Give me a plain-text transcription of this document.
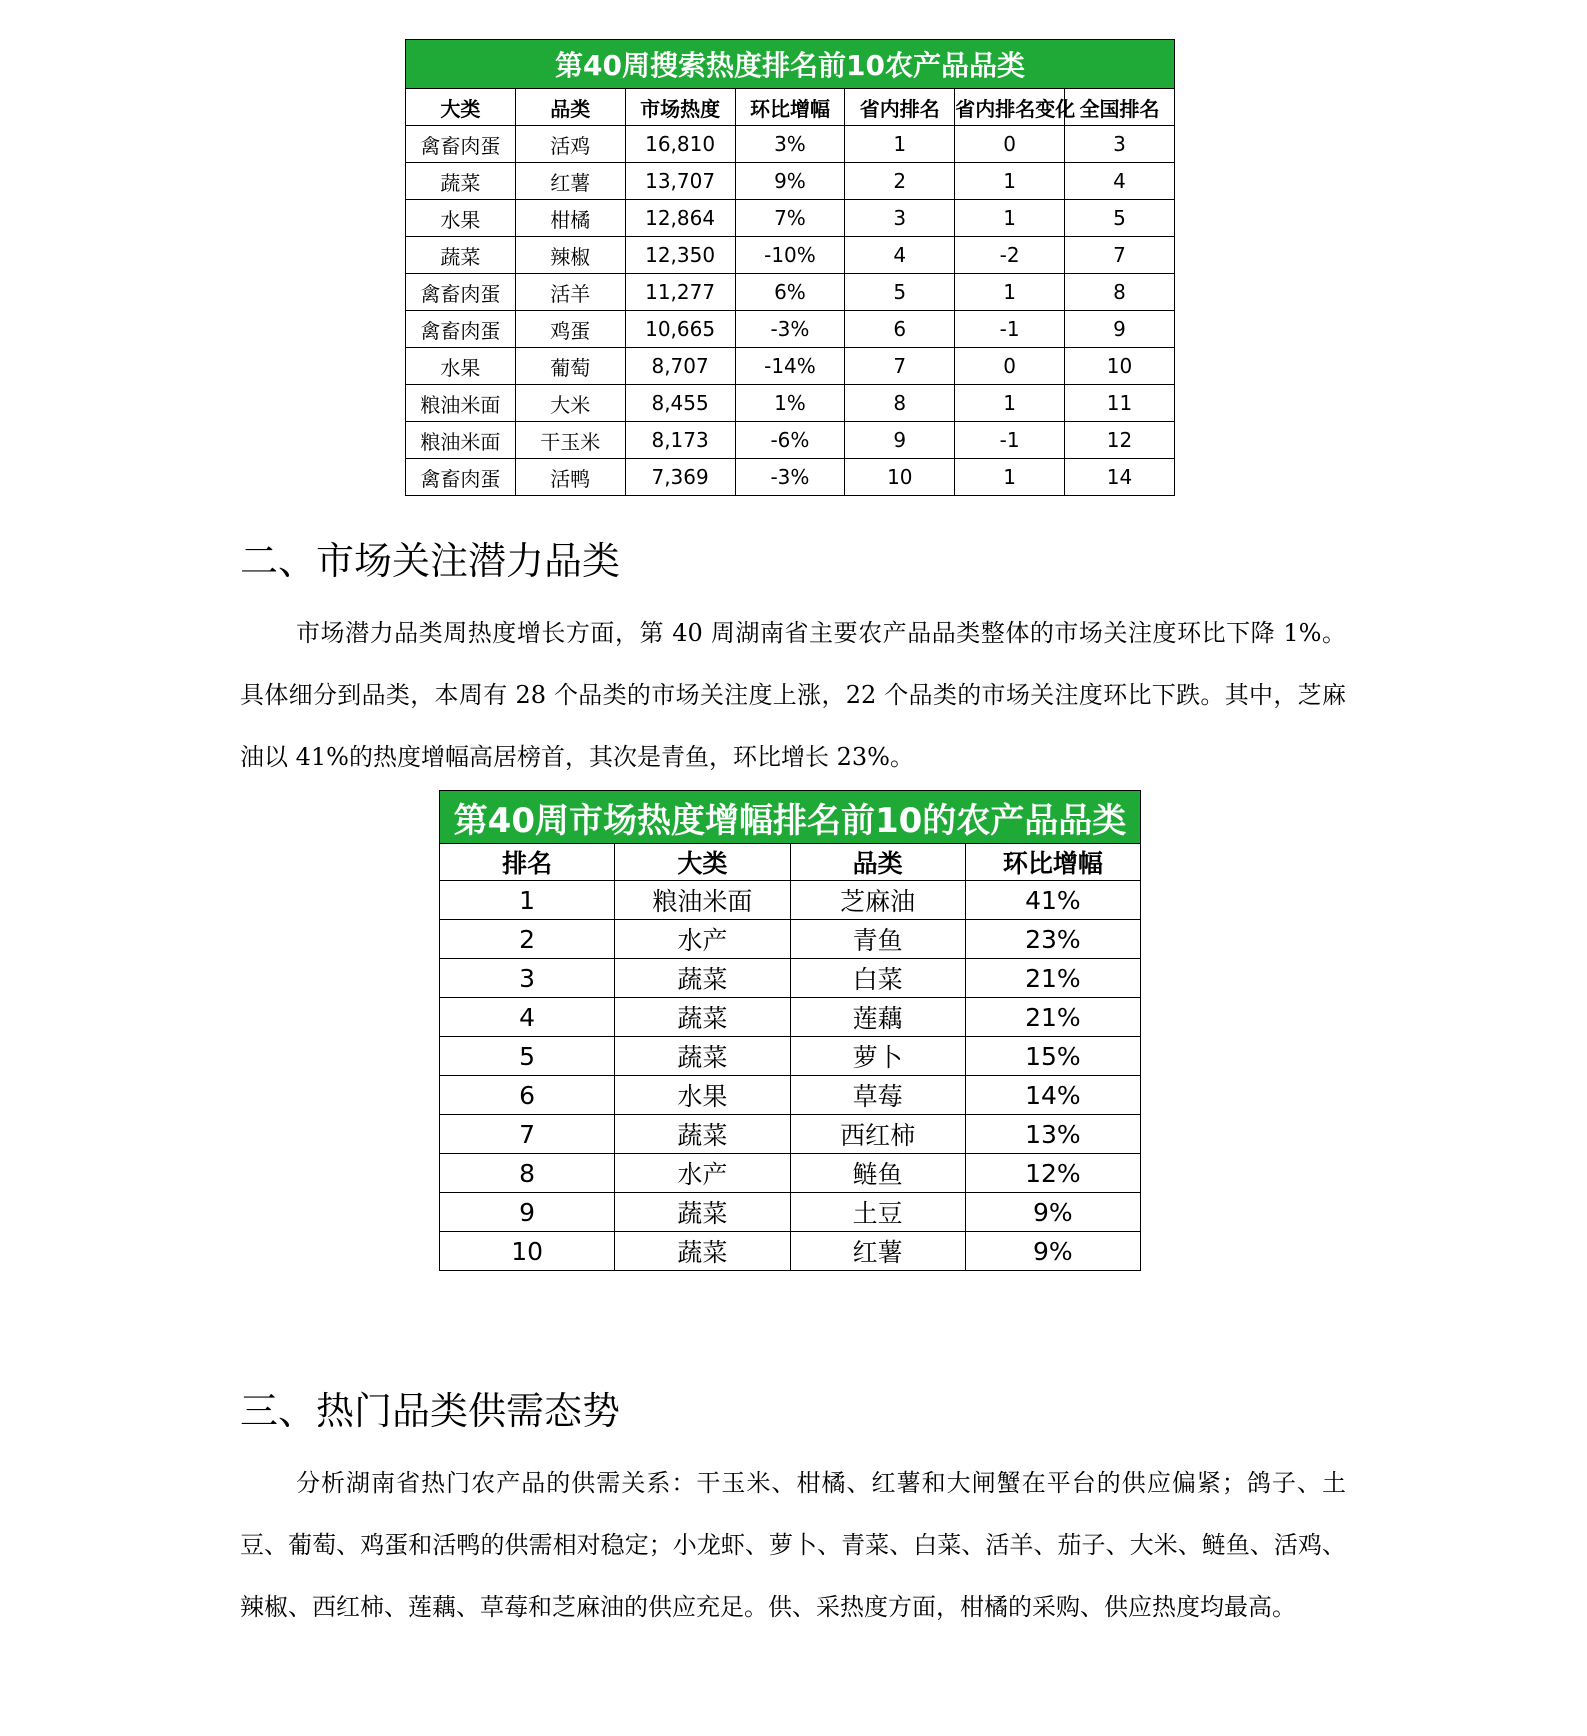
第40周搜索热度排名前10农产品品类						
大类	品类	市场热度	环比增幅	省内排名	省内排名变化	全国排名
禽畜肉蛋	活鸡	16,810	3%	1	0	3
蔬菜	红薯	13,707	9%	2	1	4
水果	柑橘	12,864	7%	3	1	5
蔬菜	辣椒	12,350	-10%	4	-2	7
禽畜肉蛋	活羊	11,277	6%	5	1	8
禽畜肉蛋	鸡蛋	10,665	-3%	6	-1	9
水果	葡萄	8,707	-14%	7	0	10
粮油米面	大米	8,455	1%	8	1	11
粮油米面	干玉米	8,173	-6%	9	-1	12
禽畜肉蛋	活鸭	7,369	-3%	10	1	14
二、市场关注潜力品类

市场潜力品类周热度增长方面，第 40 周湖南省主要农产品品类整体的市场关注度环比下降 1%。具体细分到品类，本周有 28 个品类的市场关注度上涨，22 个品类的市场关注度环比下跌。其中，芝麻油以 41%的热度增幅高居榜首，其次是青鱼，环比增长 23%。

第40周市场热度增幅排名前10的农产品品类			
排名	大类	品类	环比增幅
1	粮油米面	芝麻油	41%
2	水产	青鱼	23%
3	蔬菜	白菜	21%
4	蔬菜	莲藕	21%
5	蔬菜	萝卜	15%
6	水果	草莓	14%
7	蔬菜	西红柿	13%
8	水产	鲢鱼	12%
9	蔬菜	土豆	9%
10	蔬菜	红薯	9%
三、热门品类供需态势

分析湖南省热门农产品的供需关系：干玉米、柑橘、红薯和大闸蟹在平台的供应偏紧；鸽子、土豆、葡萄、鸡蛋和活鸭的供需相对稳定；小龙虾、萝卜、青菜、白菜、活羊、茄子、大米、鲢鱼、活鸡、辣椒、西红柿、莲藕、草莓和芝麻油的供应充足。供、采热度方面，柑橘的采购、供应热度均最高。
